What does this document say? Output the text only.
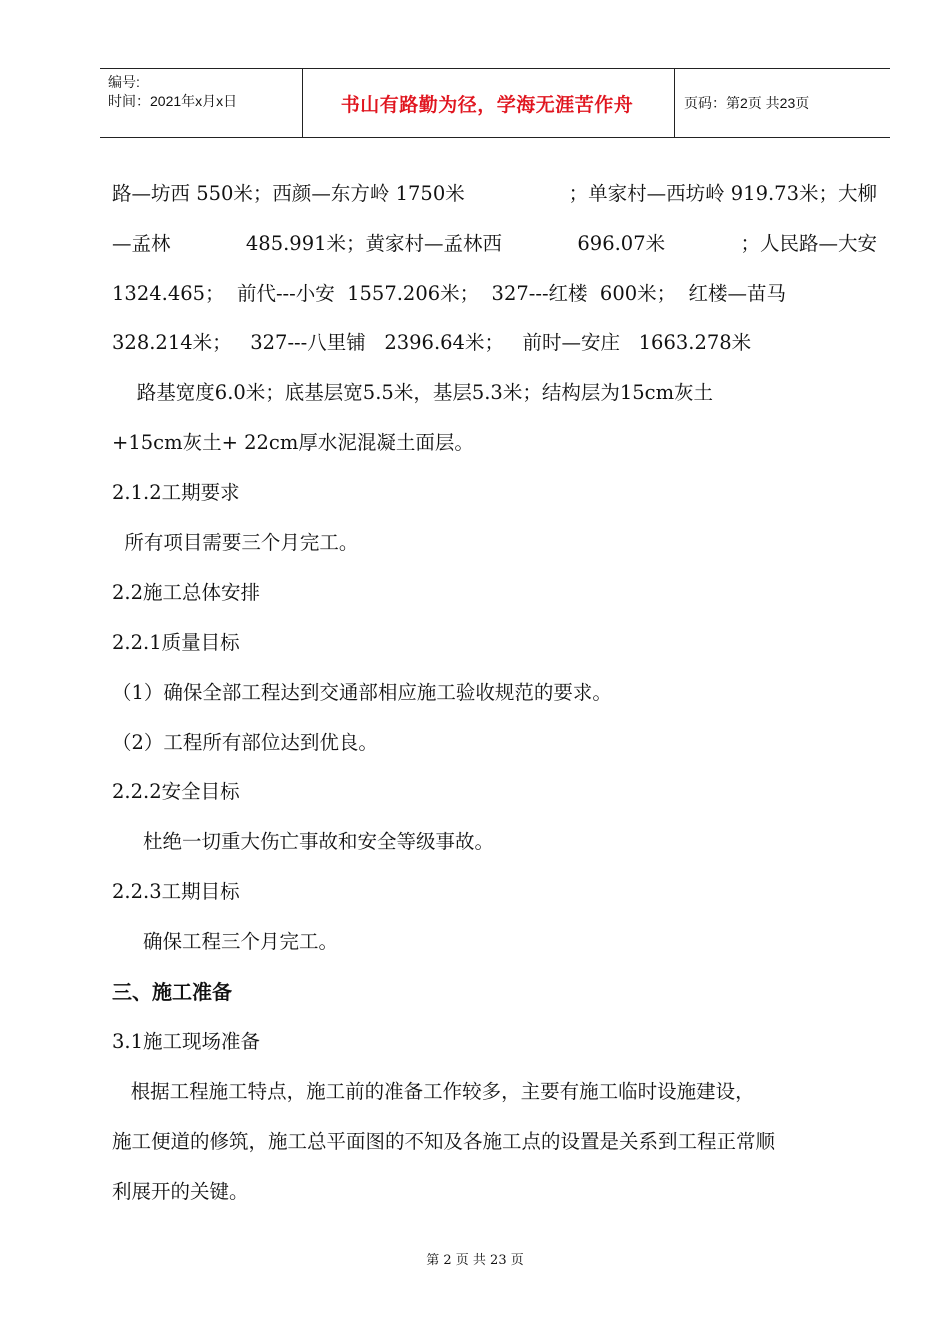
编号:
时间：2021年x月x日	书山有路勤为径，学海无涯苦作舟	页码：第2页 共23页
路—坊西 550米；西颜—东方岭 1750米	；单家村—西坊岭 919.73米；大柳
—孟林	485.991米；黄家村—孟林西	696.07米	；人民路—大安
1324.465；  前代---小安  1557.206米；  327---红楼  600米；  红楼—苗马
328.214米；   327---八里铺   2396.64米；   前时—安庄   1663.278米
路基宽度6.0米；底基层宽5.5米，基层5.3米；结构层为15cm灰土
+15cm灰土+ 22cm厚水泥混凝土面层。
2.1.2工期要求
所有项目需要三个月完工。
2.2施工总体安排
2.2.1质量目标
（1）确保全部工程达到交通部相应施工验收规范的要求。
（2）工程所有部位达到优良。
2.2.2安全目标
杜绝一切重大伤亡事故和安全等级事故。
2.2.3工期目标
确保工程三个月完工。
三、施工准备
3.1施工现场准备
根据工程施工特点，施工前的准备工作较多，主要有施工临时设施建设，
施工便道的修筑，施工总平面图的不知及各施工点的设置是关系到工程正常顺
利展开的关键。
第 2 页 共 23 页
